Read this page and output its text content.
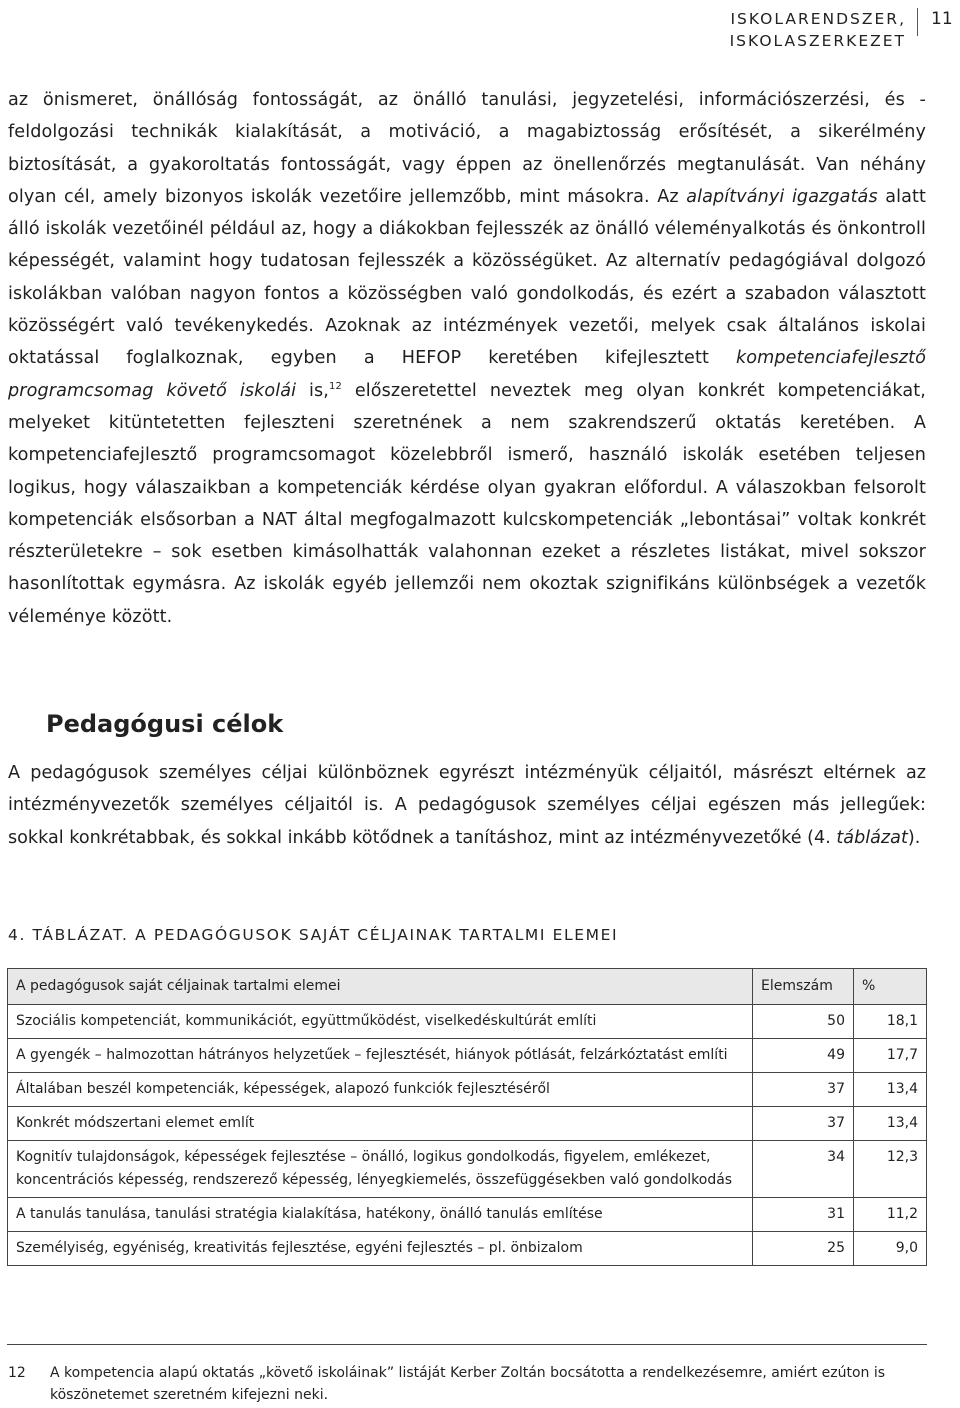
ISKOLARENDSZER, ISKOLASZERKEZET
11

az önismeret, önállóság fontosságát, az önálló tanulási, jegyzetelési, információszerzési, és -feldolgozási technikák kialakítását, a motiváció, a magabiztosság erősítését, a sikerélmény biztosítását, a gyakoroltatás fontosságát, vagy éppen az önellenőrzés megtanulását. Van néhány olyan cél, amely bizonyos iskolák vezetőire jellemzőbb, mint másokra. Az alapítványi igazgatás alatt álló iskolák vezetőinél például az, hogy a diákokban fejlesszék az önálló véleményalkotás és önkontroll képességét, valamint hogy tudatosan fejlesszék a közösségüket. Az alternatív pedagógiával dolgozó iskolákban valóban nagyon fontos a közösségben való gondolkodás, és ezért a szabadon választott közösségért való tevékenykedés. Azoknak az intézmények vezetői, melyek csak általános iskolai oktatással foglalkoznak, egyben a HEFOP keretében kifejlesztett kompetenciafejlesztő programcsomag követő iskolái is,$^{12}$ előszeretettel neveztek meg olyan konkrét kompetenciákat, melyeket kitüntetetten fejleszteni szeretnének a nem szakrendszerű oktatás keretében. A kompetenciafejlesztő programcsomagot közelebbről ismerő, használó iskolák esetében teljesen logikus, hogy válaszaikban a kompetenciák kérdése olyan gyakran előfordul. A válaszokban felsorolt kompetenciák elsősorban a NAT által megfogalmazott kulcskompetenciák „lebontásai” voltak konkrét részterületekre – sok esetben kimásolhatták valahonnan ezeket a részletes listákat, mivel sokszor hasonlítottak egymásra. Az iskolák egyéb jellemzői nem okoztak szignifikáns különbségek a vezetők véleménye között.

Pedagógusi célok

A pedagógusok személyes céljai különböznek egyrészt intézményük céljaitól, másrészt eltérnek az intézményvezetők személyes céljaitól is. A pedagógusok személyes céljai egészen más jellegűek: sokkal konkrétabbak, és sokkal inkább kötődnek a tanításhoz, mint az intézményvezetőké (4. táblázat).

4. TÁBLÁZAT. A PEDAGÓGUSOK SAJÁT CÉLJAINAK TARTALMI ELEMEI

A pedagógusok saját céljainak tartalmi elemei	Elemszám	%
Szociális kompetenciát, kommunikációt, együttműködést, viselkedéskultúrát említi	50	18,1
A gyengék – halmozottan hátrányos helyzetűek – fejlesztését, hiányok pótlását, felzárkóztatást említi	49	17,7
Általában beszél kompetenciák, képességek, alapozó funkciók fejlesztéséről	37	13,4
Konkrét módszertani elemet említ	37	13,4
Kognitív tulajdonságok, képességek fejlesztése – önálló, logikus gondolkodás, figyelem, emlékezet, koncentrációs képesség, rendszerező képesség, lényegkiemelés, összefüggésekben való gondolkodás	34	12,3
A tanulás tanulása, tanulási stratégia kialakítása, hatékony, önálló tanulás említése	31	11,2
Személyiség, egyéniség, kreativitás fejlesztése, egyéni fejlesztés – pl. önbizalom	25	9,0
12	A kompetencia alapú oktatás „követő iskoláinak” listáját Kerber Zoltán bocsátotta a rendelkezésemre, amiért ezúton is köszönetemet szeretném kifejezni neki.
